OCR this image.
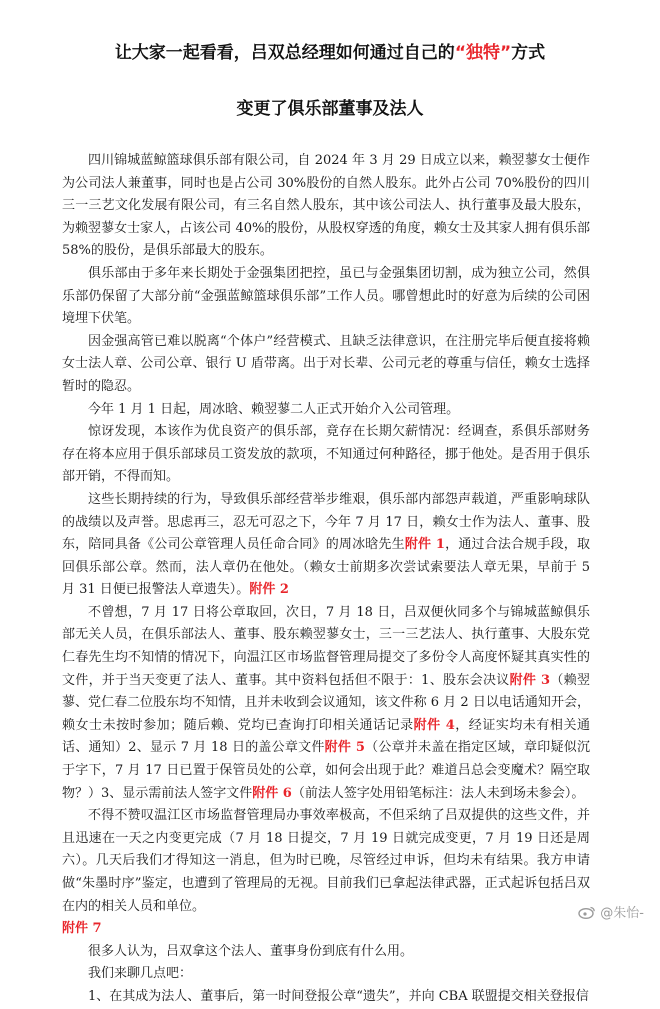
让大家一起看看，吕双总经理如何通过自己的“独特”方式
变更了俱乐部董事及法人

四川锦城蓝鲸篮球俱乐部有限公司，自 2024 年 3 月 29 日成立以来，赖翌蓼女士便作为公司法人兼董事，同时也是占公司 30%股份的自然人股东。此外占公司 70%股份的四川三一三艺文化发展有限公司，有三名自然人股东，其中该公司法人、执行董事及最大股东，为赖翌蓼女士家人，占该公司 40%的股份，从股权穿透的角度，赖女士及其家人拥有俱乐部 58%的股份，是俱乐部最大的股东。

俱乐部由于多年来长期处于金强集团把控，虽已与金强集团切割，成为独立公司，然俱乐部仍保留了大部分前“金强蓝鲸篮球俱乐部”工作人员。哪曾想此时的好意为后续的公司困境埋下伏笔。

因金强高管已难以脱离“个体户”经营模式、且缺乏法律意识，在注册完毕后便直接将赖女士法人章、公司公章、银行 U 盾带离。出于对长辈、公司元老的尊重与信任，赖女士选择暂时的隐忍。

今年 1 月 1 日起，周冰晗、赖翌蓼二人正式开始介入公司管理。

惊讶发现，本该作为优良资产的俱乐部，竟存在长期欠薪情况：经调查，系俱乐部财务存在将本应用于俱乐部球员工资发放的款项，不知通过何种路径，挪于他处。是否用于俱乐部开销，不得而知。

这些长期持续的行为，导致俱乐部经营举步维艰，俱乐部内部怨声载道，严重影响球队的战绩以及声誉。思虑再三，忍无可忍之下，今年 7 月 17 日，赖女士作为法人、董事、股东，陪同具备《公司公章管理人员任命合同》的周冰晗先生附件 1，通过合法合规手段，取回俱乐部公章。然而，法人章仍在他处。（赖女士前期多次尝试索要法人章无果，早前于 5 月 31 日便已报警法人章遗失）。附件 2

不曾想，7 月 17 日将公章取回，次日，7 月 18 日，吕双便伙同多个与锦城蓝鲸俱乐部无关人员，在俱乐部法人、董事、股东赖翌蓼女士，三一三艺法人、执行董事、大股东党仁春先生均不知情的情况下，向温江区市场监督管理局提交了多份令人高度怀疑其真实性的文件，并于当天变更了法人、董事。其中资料包括但不限于：1、股东会决议附件 3（赖翌蓼、党仁春二位股东均不知情，且并未收到会议通知，该文件称 6 月 2 日以电话通知开会，赖女士未按时参加；随后赖、党均已查询打印相关通话记录附件 4，经证实均未有相关通话、通知）2、显示 7 月 18 日的盖公章文件附件 5（公章并未盖在指定区域，章印疑似沉于字下，7 月 17 日已置于保管员处的公章，如何会出现于此？难道吕总会变魔术？隔空取物？）3、显示需前法人签字文件附件 6（前法人签字处用铅笔标注：法人未到场未参会）。

不得不赞叹温江区市场监督管理局办事效率极高，不但采纳了吕双提供的这些文件，并且迅速在一天之内变更完成（7 月 18 日提交，7 月 19 日就完成变更，7 月 19 日还是周六）。几天后我们才得知这一消息，但为时已晚，尽管经过申诉，但均未有结果。我方申请做“朱墨时序”鉴定，也遭到了管理局的无视。目前我们已拿起法律武器，正式起诉包括吕双在内的相关人员和单位。
附件 7

很多人认为，吕双拿这个法人、董事身份到底有什么用。

我们来聊几点吧：

1、在其成为法人、董事后，第一时间登报公章“遗失”，并向 CBA 联盟提交相关登报信

@朱怡-
